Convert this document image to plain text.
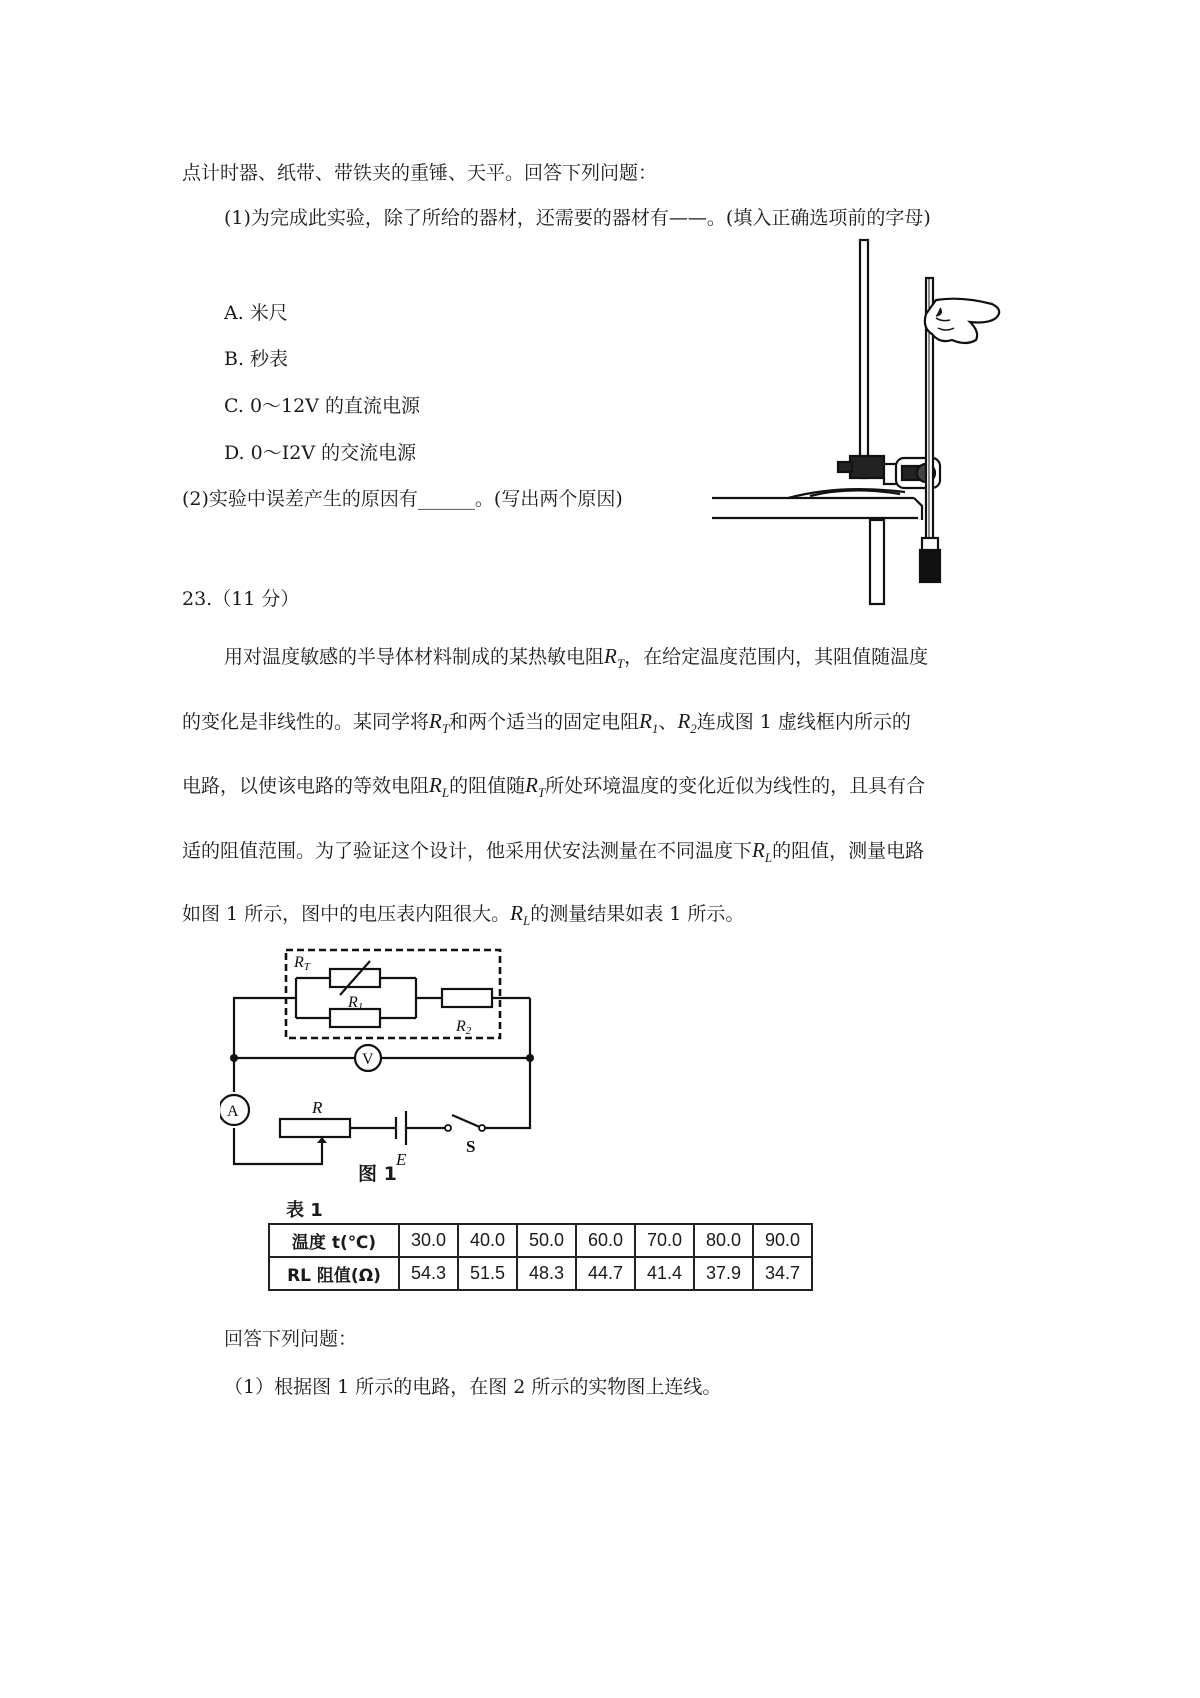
点计时器、纸带、带铁夹的重锤、天平。回答下列问题：
(1)为完成此实验，除了所给的器材，还需要的器材有——。(填入正确选项前的字母)
A. 米尺
B. 秒表
C. 0～12V 的直流电源
D. 0～I2V 的交流电源
(2)实验中误差产生的原因有______。(写出两个原因)
23.（11 分）
用对温度敏感的半导体材料制成的某热敏电阻$R_T$，在给定温度范围内，其阻值随温度
的变化是非线性的。某同学将$R_T$和两个适当的固定电阻$R_1$、$R_2$连成图 1 虚线框内所示的
电路，以使该电路的等效电阻$R_L$的阻值随$R_T$所处环境温度的变化近似为线性的，且具有合
适的阻值范围。为了验证这个设计，他采用伏安法测量在不同温度下$R_L$的阻值，测量电路
如图 1 所示，图中的电压表内阻很大。$R_L$的测量结果如表 1 所示。
RT
R1
R2
V
A	R
E
S
图 1
表 1
温度 t(℃)	30.0	40.0	50.0	60.0	70.0	80.0	90.0
RL 阻值(Ω)	54.3	51.5	48.3	44.7	41.4	37.9	34.7
回答下列问题：
（1）根据图 1 所示的电路，在图 2 所示的实物图上连线。
